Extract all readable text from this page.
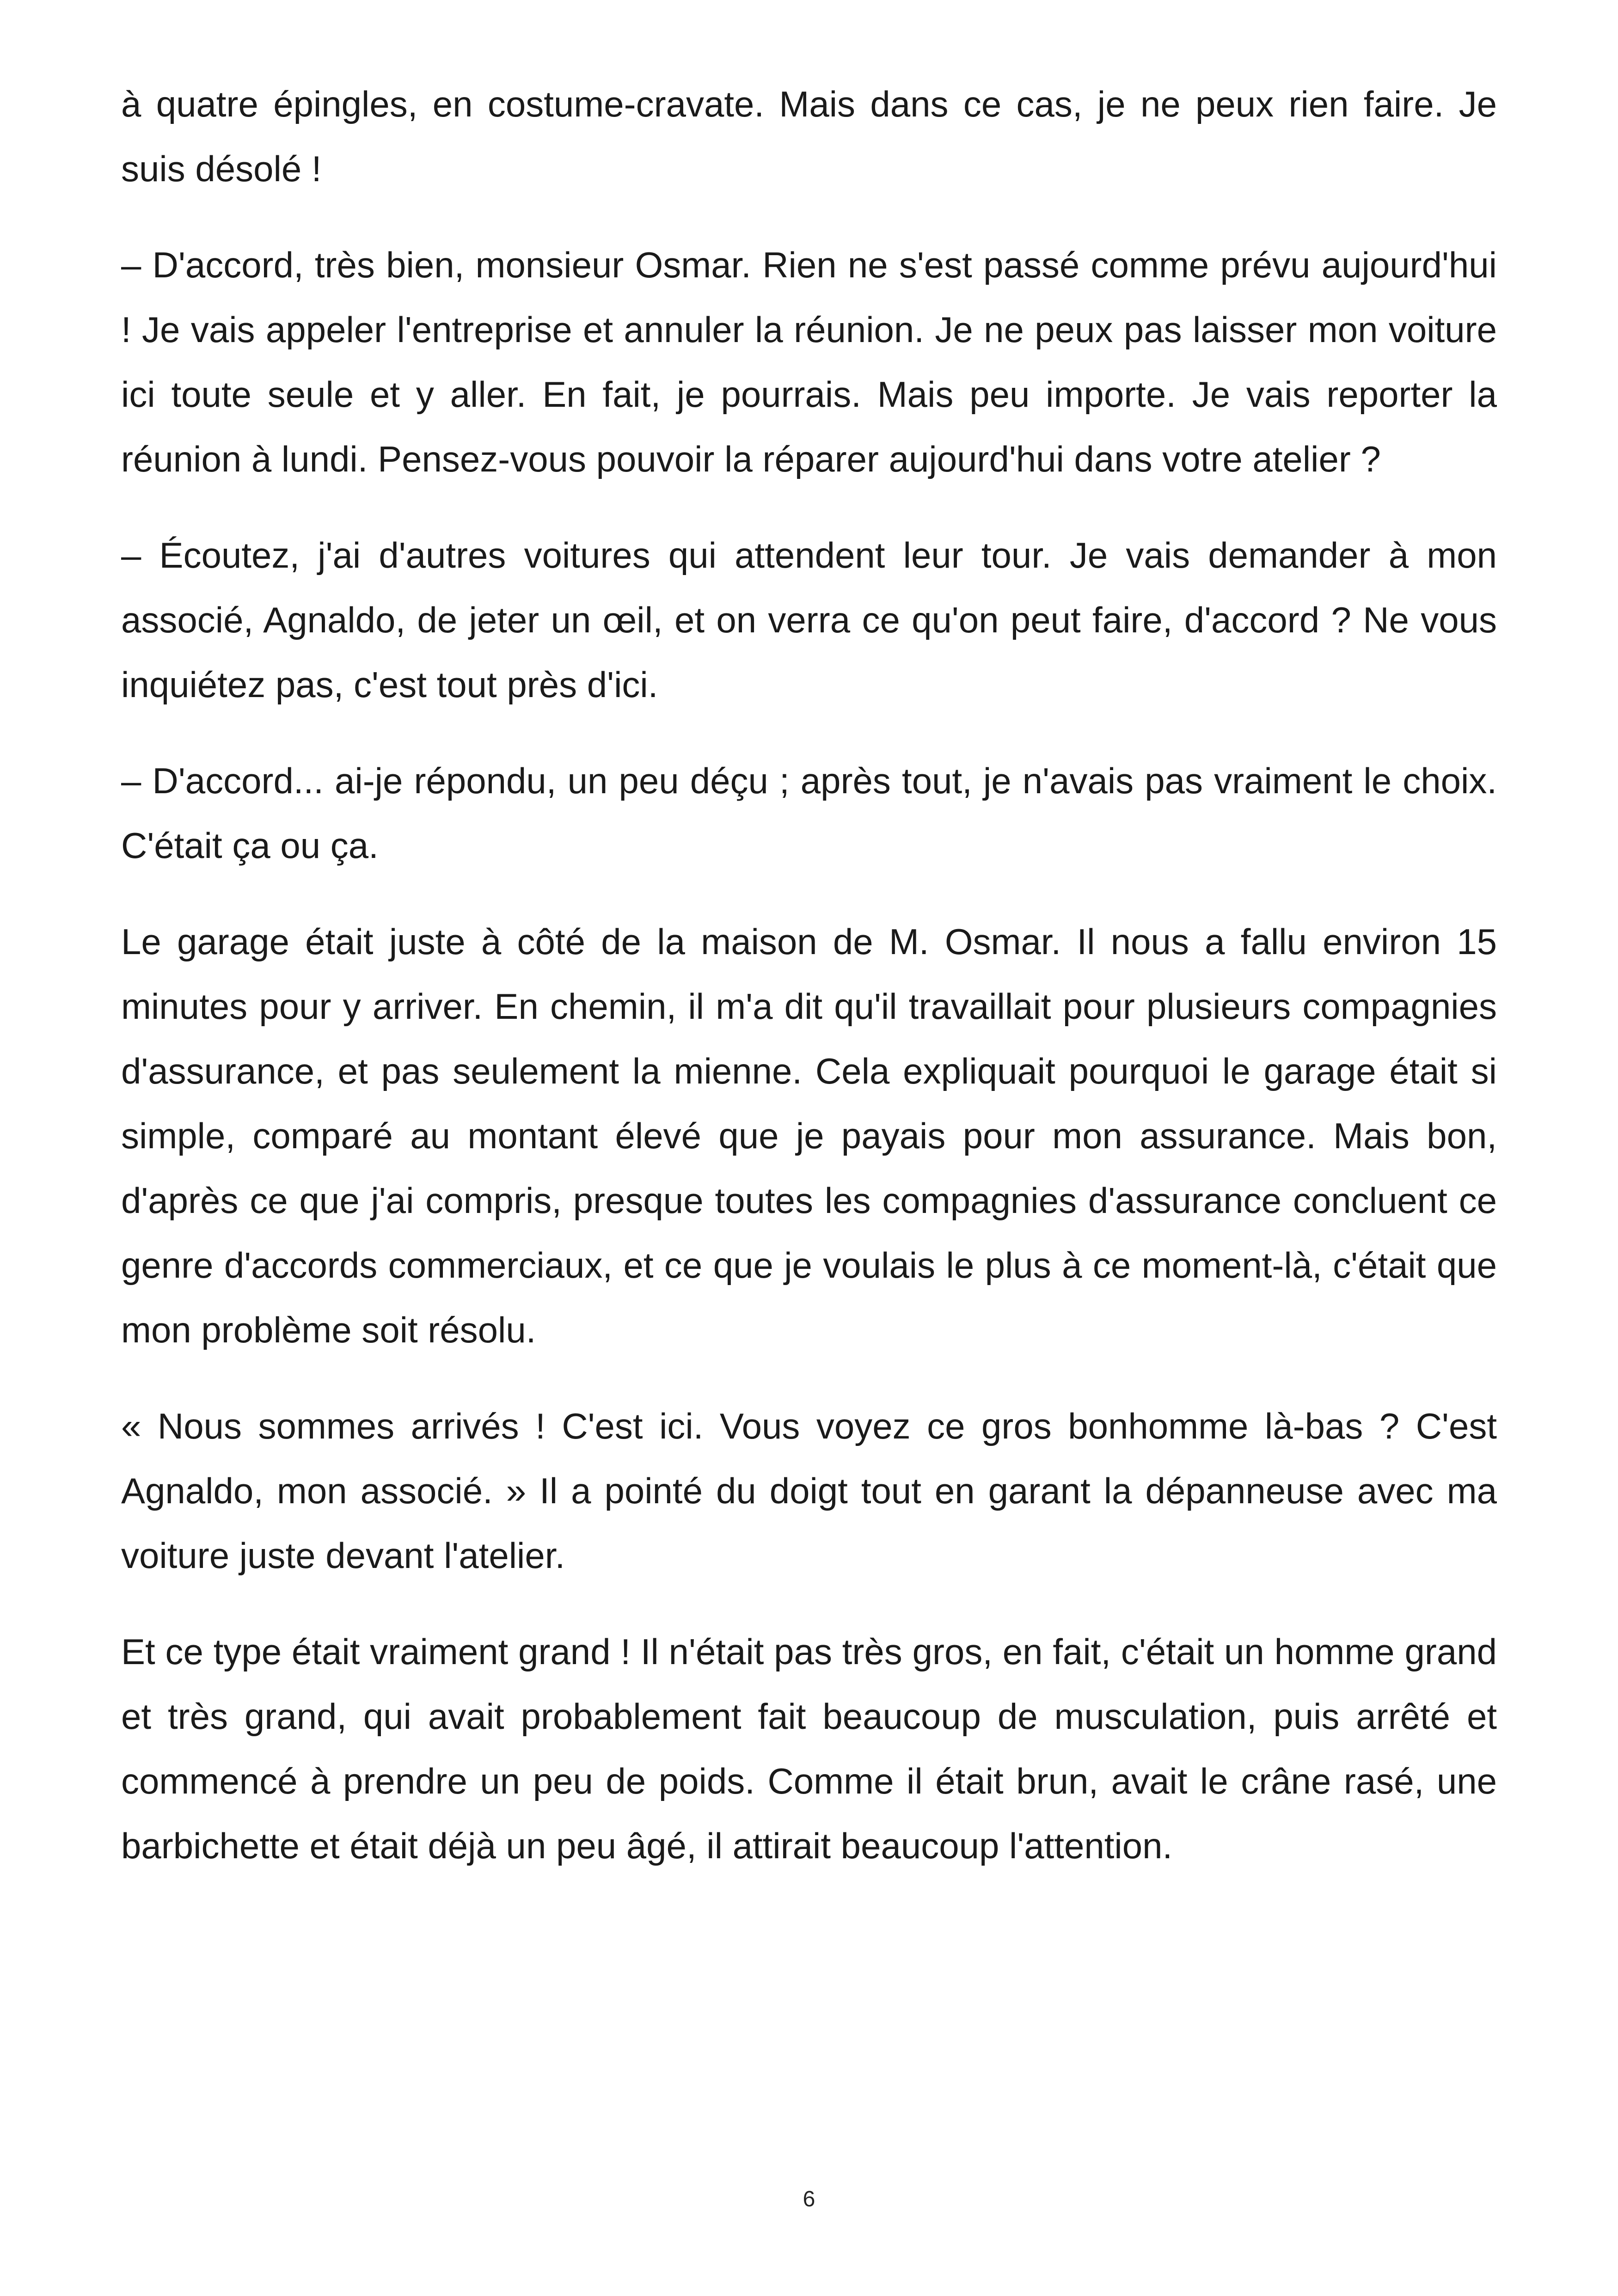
à quatre épingles, en costume-cravate. Mais dans ce cas, je ne peux rien faire. Je suis désolé !

– D'accord, très bien, monsieur Osmar. Rien ne s'est passé comme prévu aujourd'hui ! Je vais appeler l'entreprise et annuler la réunion. Je ne peux pas laisser mon voiture ici toute seule et y aller. En fait, je pourrais. Mais peu importe. Je vais reporter la réunion à lundi. Pensez-vous pouvoir la réparer aujourd'hui dans votre atelier ?

– Écoutez, j'ai d'autres voitures qui attendent leur tour. Je vais demander à mon associé, Agnaldo, de jeter un œil, et on verra ce qu'on peut faire, d'accord ? Ne vous inquiétez pas, c'est tout près d'ici.

– D'accord... ai-je répondu, un peu déçu ; après tout, je n'avais pas vraiment le choix. C'était ça ou ça.

Le garage était juste à côté de la maison de M. Osmar. Il nous a fallu environ 15 minutes pour y arriver. En chemin, il m'a dit qu'il travaillait pour plusieurs compagnies d'assurance, et pas seulement la mienne. Cela expliquait pourquoi le garage était si simple, comparé au montant élevé que je payais pour mon assurance. Mais bon, d'après ce que j'ai compris, presque toutes les compagnies d'assurance concluent ce genre d'accords commerciaux, et ce que je voulais le plus à ce moment-là, c'était que mon problème soit résolu.

« Nous sommes arrivés ! C'est ici. Vous voyez ce gros bonhomme là-bas ? C'est Agnaldo, mon associé. » Il a pointé du doigt tout en garant la dépanneuse avec ma voiture juste devant l'atelier.

Et ce type était vraiment grand ! Il n'était pas très gros, en fait, c'était un homme grand et très grand, qui avait probablement fait beaucoup de musculation, puis arrêté et commencé à prendre un peu de poids. Comme il était brun, avait le crâne rasé, une barbichette et était déjà un peu âgé, il attirait beaucoup l'attention.

6
